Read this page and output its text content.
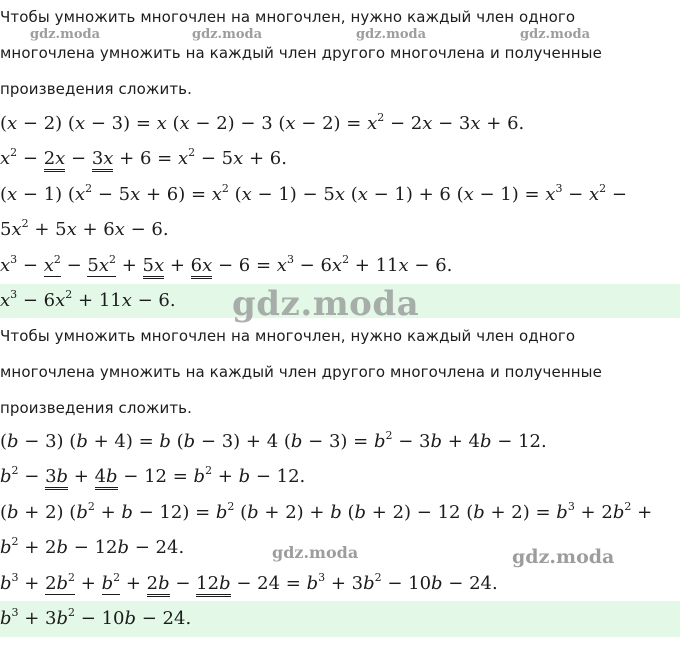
Чтобы умножить многочлен на многочлен, нужно каждый член одного
многочлена умножить на каждый член другого многочлена и полученные
произведения сложить.
(x − 2) (x − 3) = x (x − 2) − 3 $(x - 2) = x^2 - 2x - 3x + 6$.
$x^2 - 2x - 3x + 6 = x^2 - 5x + 6$.
(x − 1) $(x^2 - 5x + 6) = x^2$ (x − 1) − 5x (x − 1) + 6 $(x - 1) = x^3 - x^2$ −
$5x^2 + 5x + 6x - 6$.
$x^3 - x^2 - 5x^2 + 5x + 6x - 6 = x^3 - 6x^2 + 11x - 6$.
$x^3 - 6x^2 + 11x - 6$.
Чтобы умножить многочлен на многочлен, нужно каждый член одного
многочлена умножить на каждый член другого многочлена и полученные
произведения сложить.
(b − 3) (b + 4) = b (b − 3) + 4 $(b - 3) = b^2 - 3b + 4b - 12$.
$b^2 - 3b + 4b - 12 = b^2 + b - 12$.
(b + 2) $(b^2 + b - 12) = b^2$ (b + 2) + b (b + 2) − 12 $(b + 2) = b^3 + 2b^2$ +
$b^2 + 2b - 12b - 24$.
$b^3 + 2b^2 + b^2 + 2b - 12b - 24 = b^3 + 3b^2 - 10b - 24$.
$b^3 + 3b^2 - 10b - 24$.
gdz.moda	gdz.moda	gdz.moda	gdz.moda
gdz.moda
gdz.moda	gdz.moda
